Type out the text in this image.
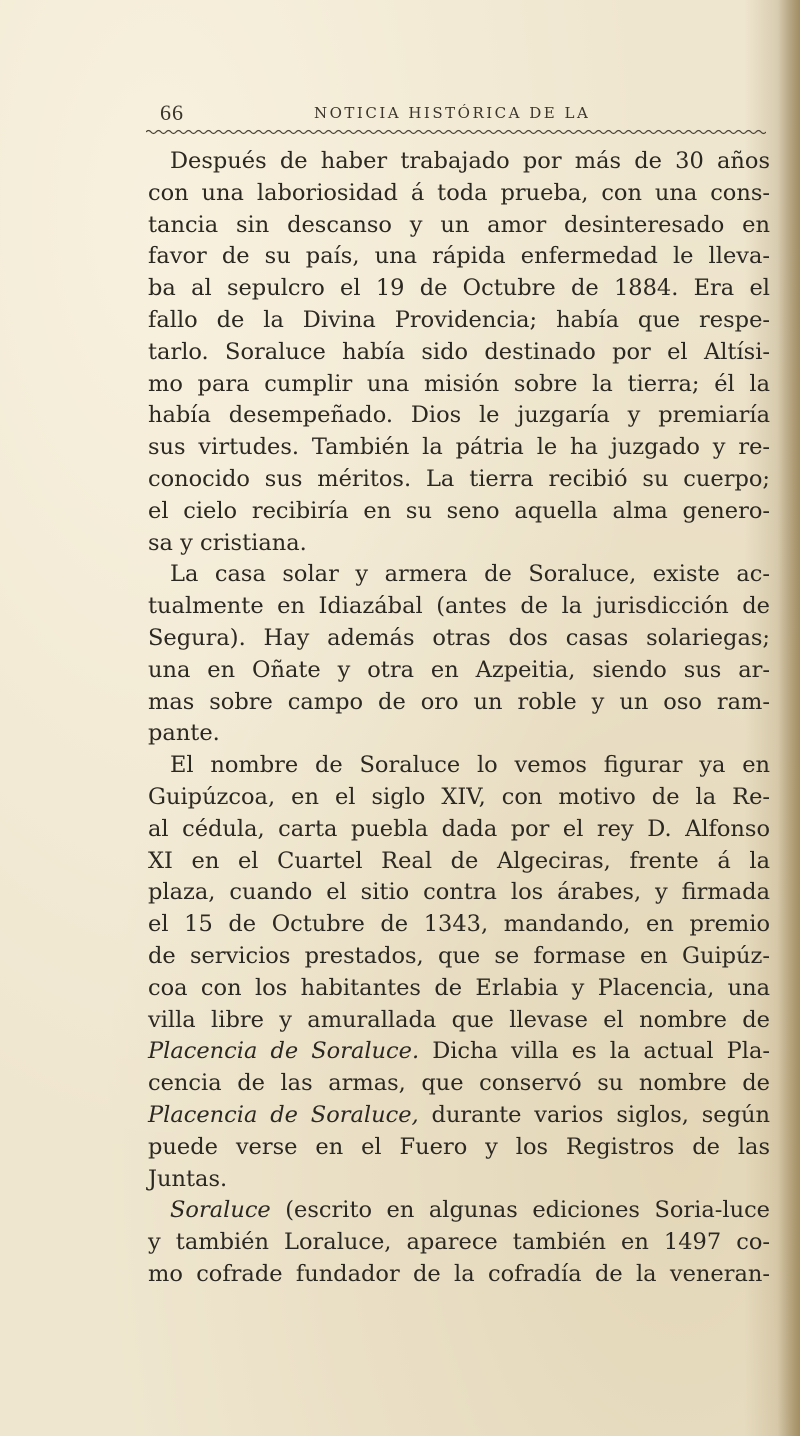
66	NOTICIA HISTÓRICA DE LA
Después de haber trabajado por más de 30 años
con una laboriosidad á toda prueba, con una cons-
tancia sin descanso y un amor desinteresado en
favor de su país, una rápida enfermedad le lleva-
ba al sepulcro el 19 de Octubre de 1884. Era el
fallo de la Divina Providencia; había que respe-
tarlo. Soraluce había sido destinado por el Altísi-
mo para cumplir una misión sobre la tierra; él la
había desempeñado. Dios le juzgaría y premiaría
sus virtudes. También la pátria le ha juzgado y re-
conocido sus méritos. La tierra recibió su cuerpo;
el cielo recibiría en su seno aquella alma genero-
sa y cristiana.
La casa solar y armera de Soraluce, existe ac-
tualmente en Idiazábal (antes de la jurisdicción de
Segura). Hay además otras dos casas solariegas;
una en Oñate y otra en Azpeitia, siendo sus ar-
mas sobre campo de oro un roble y un oso ram-
pante.
El nombre de Soraluce lo vemos figurar ya en
Guipúzcoa, en el siglo XIV, con motivo de la Re-
al cédula, carta puebla dada por el rey D. Alfonso
XI en el Cuartel Real de Algeciras, frente á la
plaza, cuando el sitio contra los árabes, y firmada
el 15 de Octubre de 1343, mandando, en premio
de servicios prestados, que se formase en Guipúz-
coa con los habitantes de Erlabia y Placencia, una
villa libre y amurallada que llevase el nombre de
Placencia de Soraluce. Dicha villa es la actual Pla-
cencia de las armas, que conservó su nombre de
Placencia de Soraluce, durante varios siglos, según
puede verse en el Fuero y los Registros de las
Juntas.
Soraluce (escrito en algunas ediciones Soria-luce
y también Loraluce, aparece también en 1497 co-
mo cofrade fundador de la cofradía de la veneran-
